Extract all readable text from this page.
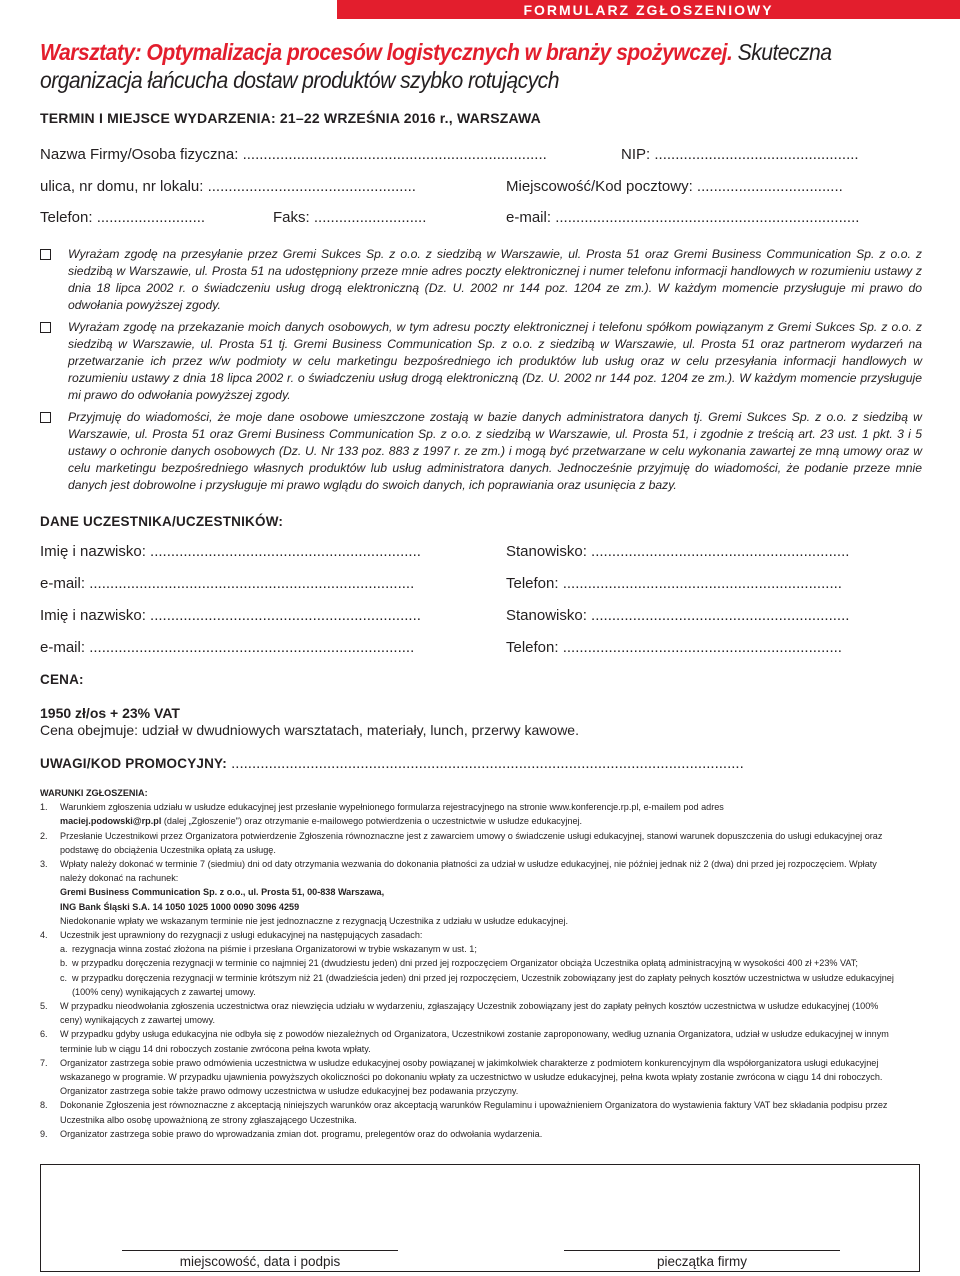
FORMULARZ ZGŁOSZENIOWY
Warsztaty: Optymalizacja procesów logistycznych w branży spożywczej. Skuteczna organizacja łańcucha dostaw produktów szybko rotujących
TERMIN I MIEJSCE WYDARZENIA: 21–22 WRZEŚNIA 2016 r., WARSZAWA
Nazwa Firmy/Osoba fizyczna: .........................................................................	NIP: .................................................
ulica, nr domu, nr lokalu: ..................................................	Miejscowość/Kod pocztowy: ...................................
Telefon: ..........................	Faks: ...........................	e-mail: .........................................................................
Wyrażam zgodę na przesyłanie przez Gremi Sukces Sp. z o.o. z siedzibą w Warszawie, ul. Prosta 51 oraz Gremi Business Communication Sp. z o.o. z siedzibą w Warszawie, ul. Prosta 51 na udostępniony przeze mnie adres poczty elektronicznej i numer telefonu informacji handlowych w rozumieniu ustawy z dnia 18 lipca 2002 r. o świadczeniu usług drogą elektroniczną (Dz. U. 2002 nr 144 poz. 1204 ze zm.). W każdym momencie przysługuje mi prawo do odwołania powyższej zgody.
Wyrażam zgodę na przekazanie moich danych osobowych, w tym adresu poczty elektronicznej i telefonu spółkom powiązanym z Gremi Sukces Sp. z o.o. z siedzibą w Warszawie, ul. Prosta 51 tj. Gremi Business Communication Sp. z o.o. z siedzibą w Warszawie, ul. Prosta 51 oraz partnerom wydarzeń na przetwarzanie ich przez w/w podmioty w celu marketingu bezpośredniego ich produktów lub usług oraz w celu przesyłania informacji handlowych w rozumieniu ustawy z dnia 18 lipca 2002 r. o świadczeniu usług drogą elektroniczną (Dz. U. 2002 nr 144 poz. 1204 ze zm.). W każdym momencie przysługuje mi prawo do odwołania powyższej zgody.
Przyjmuję do wiadomości, że moje dane osobowe umieszczone zostają w bazie danych administratora danych tj. Gremi Sukces Sp. z o.o. z siedzibą w Warszawie, ul. Prosta 51 oraz Gremi Business Communication Sp. z o.o. z siedzibą w Warszawie, ul. Prosta 51, i zgodnie z treścią art. 23 ust. 1 pkt. 3 i 5 ustawy o ochronie danych osobowych (Dz. U. Nr 133 poz. 883 z 1997 r. ze zm.) i mogą być przetwarzane w celu wykonania zawartej ze mną umowy oraz w celu marketingu bezpośredniego własnych produktów lub usług administratora danych. Jednocześnie przyjmuję do wiadomości, że podanie przeze mnie danych jest dobrowolne i przysługuje mi prawo wglądu do swoich danych, ich poprawiania oraz usunięcia z bazy.
DANE UCZESTNIKA/UCZESTNIKÓW:
Imię i nazwisko: .................................................................	Stanowisko: ..............................................................
e-mail: ..............................................................................	Telefon: ...................................................................
Imię i nazwisko: .................................................................	Stanowisko: ..............................................................
e-mail: ..............................................................................	Telefon: ...................................................................
CENA:
1950 zł/os + 23% VAT
Cena obejmuje: udział w dwudniowych warsztatach, materiały, lunch, przerwy kawowe.
UWAGI/KOD PROMOCYJNY: ...........................................................................................................................
WARUNKI ZGŁOSZENIA:
1. Warunkiem zgłoszenia udziału w usłudze edukacyjnej jest przesłanie wypełnionego formularza rejestracyjnego na stronie www.konferencje.rp.pl, e-mailem pod adres
maciej.podowski@rp.pl (dalej „Zgłoszenie") oraz otrzymanie e-mailowego potwierdzenia o uczestnictwie w usłudze edukacyjnej.
2. Przesłanie Uczestnikowi przez Organizatora potwierdzenie Zgłoszenia równoznaczne jest z zawarciem umowy o świadczenie usługi edukacyjnej, stanowi warunek dopuszczenia do usługi edukacyjnej oraz podstawę do obciążenia Uczestnika opłatą za usługę.
3. Wpłaty należy dokonać w terminie 7 (siedmiu) dni od daty otrzymania wezwania do dokonania płatności za udział w usłudze edukacyjnej, nie później jednak niż 2 (dwa) dni przed jej rozpoczęciem. Wpłaty należy dokonać na rachunek:
Gremi Business Communication Sp. z o.o., ul. Prosta 51, 00-838 Warszawa,
ING Bank Śląski S.A. 14 1050 1025 1000 0090 3096 4259
Niedokonanie wpłaty we wskazanym terminie nie jest jednoznaczne z rezygnacją Uczestnika z udziału w usłudze edukacyjnej.
4. Uczestnik jest uprawniony do rezygnacji z usługi edukacyjnej na następujących zasadach:
a. rezygnacja winna zostać złożona na piśmie i przesłana Organizatorowi w trybie wskazanym w ust. 1;
b. w przypadku doręczenia rezygnacji w terminie co najmniej 21 (dwudziestu jeden) dni przed jej rozpoczęciem Organizator obciąża Uczestnika opłatą administracyjną w wysokości 400 zł +23% VAT;
c. w przypadku doręczenia rezygnacji w terminie krótszym niż 21 (dwadzieścia jeden) dni przed jej rozpoczęciem, Uczestnik zobowiązany jest do zapłaty pełnych kosztów uczestnictwa w usłudze edukacyjnej (100% ceny) wynikających z zawartej umowy.
5. W przypadku nieodwołania zgłoszenia uczestnictwa oraz niewzięcia udziału w wydarzeniu, zgłaszający Uczestnik zobowiązany jest do zapłaty pełnych kosztów uczestnictwa w usłudze edukacyjnej (100% ceny) wynikających z zawartej umowy.
6. W przypadku gdyby usługa edukacyjna nie odbyła się z powodów niezależnych od Organizatora, Uczestnikowi zostanie zaproponowany, według uznania Organizatora, udział w usłudze edukacyjnej w innym terminie lub w ciągu 14 dni roboczych zostanie zwrócona pełna kwota wpłaty.
7. Organizator zastrzega sobie prawo odmówienia uczestnictwa w usłudze edukacyjnej osoby powiązanej w jakimkolwiek charakterze z podmiotem konkurencyjnym dla współorganizatora usługi edukacyjnej wskazanego w programie. W przypadku ujawnienia powyższych okoliczności po dokonaniu wpłaty za uczestnictwo w usłudze edukacyjnej, pełna kwota wpłaty zostanie zwrócona w ciągu 14 dni roboczych. Organizator zastrzega sobie także prawo odmowy uczestnictwa w usłudze edukacyjnej bez podawania przyczyny.
8. Dokonanie Zgłoszenia jest równoznaczne z akceptacją niniejszych warunków oraz akceptacją warunków Regulaminu i upoważnieniem Organizatora do wystawienia faktury VAT bez składania podpisu przez Uczestnika albo osobę upoważnioną ze strony zgłaszającego Uczestnika.
9. Organizator zastrzega sobie prawo do wprowadzania zmian dot. programu, prelegentów oraz do odwołania wydarzenia.
miejscowość, data i podpis	pieczątka firmy
